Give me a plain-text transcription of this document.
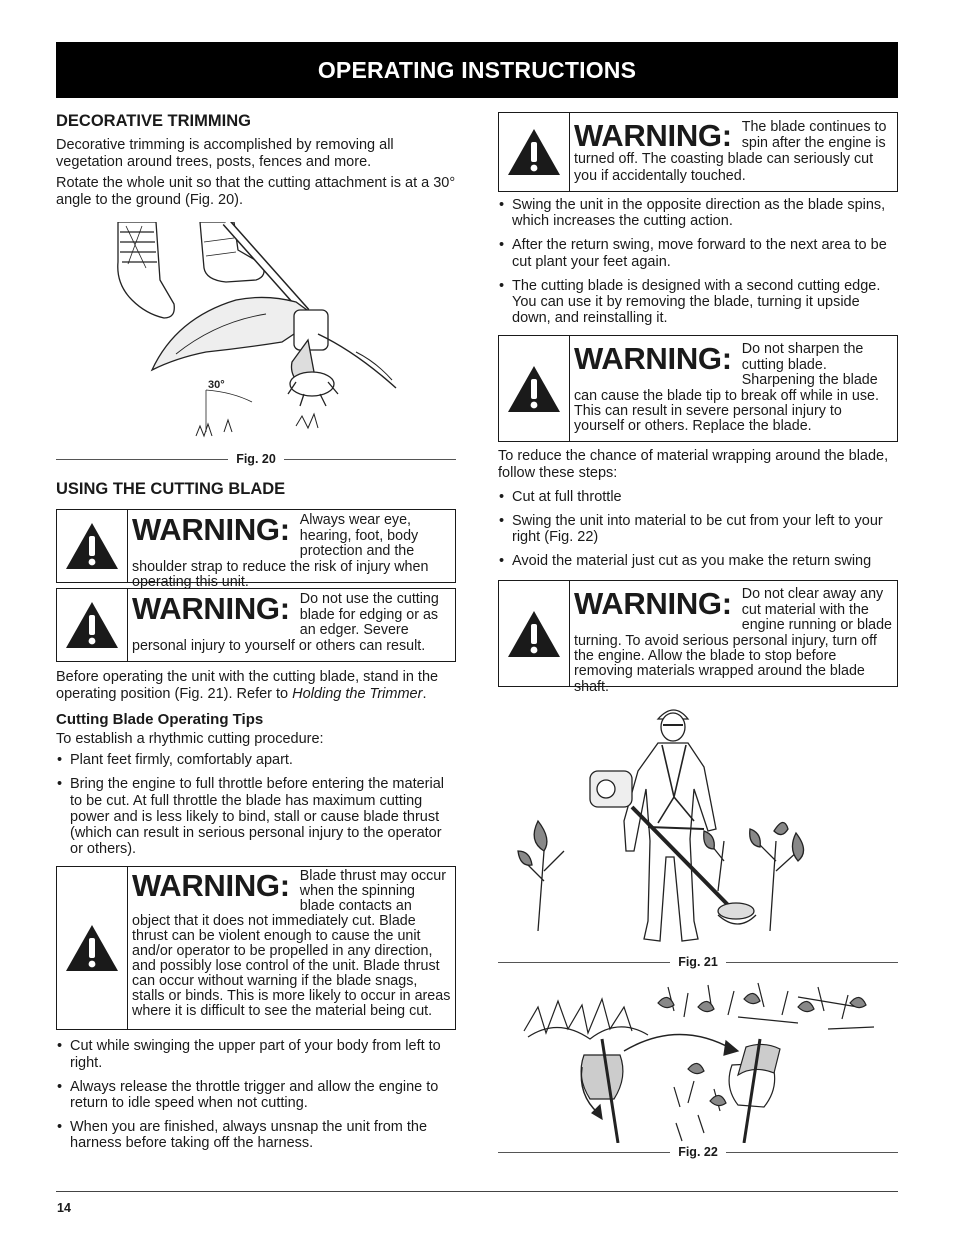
OPERATING INSTRUCTIONS
DECORATIVE TRIMMING

Decorative trimming is accomplished by removing all vegetation around trees, posts, fences and more.

Rotate the whole unit so that the cutting attachment is at a 30° angle to the ground (Fig. 20).

30°
Fig. 20
USING THE CUTTING BLADE
WARNING: Always wear eye, hearing, foot, body protection and the shoulder strap to reduce the risk of injury when operating this unit.
WARNING: Do not use the cutting blade for edging or as an edger. Severe personal injury to yourself or others can result.

Before operating the unit with the cutting blade, stand in the operating position (Fig. 21). Refer to Holding the Trimmer.

Cutting Blade Operating Tips

To establish a rhythmic cutting procedure:

• Plant feet firmly, comfortably apart.
• Bring the engine to full throttle before entering the material to be cut. At full throttle the blade has maximum cutting power and is less likely to bind, stall or cause blade thrust (which can result in serious personal injury to the operator or others).
WARNING: Blade thrust may occur when the spinning blade contacts an object that it does not immediately cut. Blade thrust can be violent enough to cause the unit and/or operator to be propelled in any direction, and possibly lose control of the unit. Blade thrust can occur without warning if the blade snags, stalls or binds. This is more likely to occur in areas where it is difficult to see the material being cut.
• Cut while swinging the upper part of your body from left to right.
• Always release the throttle trigger and allow the engine to return to idle speed when not cutting.
• When you are finished, always unsnap the unit from the harness before taking off the harness.
WARNING: The blade continues to spin after the engine is turned off. The coasting blade can seriously cut you if accidentally touched.
• Swing the unit in the opposite direction as the blade spins, which increases the cutting action.
• After the return swing, move forward to the next area to be cut plant your feet again.
• The cutting blade is designed with a second cutting edge. You can use it by removing the blade, turning it upside down, and reinstalling it.
WARNING: Do not sharpen the cutting blade. Sharpening the blade can cause the blade tip to break off while in use. This can result in severe personal injury to yourself or others. Replace the blade.

To reduce the chance of material wrapping around the blade, follow these steps:

• Cut at full throttle
• Swing the unit into material to be cut from your left to your right (Fig. 22)
• Avoid the material just cut as you make the return swing
WARNING: Do not clear away any cut material with the engine running or blade turning. To avoid serious personal injury, turn off the engine. Allow the blade to stop before removing materials wrapped around the blade shaft.
Fig. 21
Fig. 22
14
